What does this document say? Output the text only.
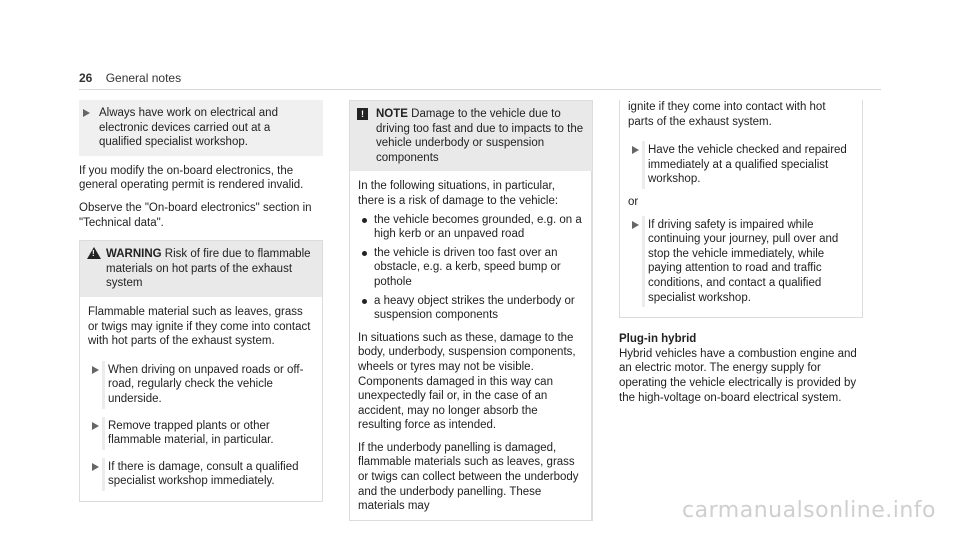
26 General notes
Always have work on electrical and electronic devices carried out at a qualified specialist workshop.

If you modify the on-board electronics, the general operating permit is rendered invalid.

Observe the "On-board electronics" section in "Technical data".

! WARNING Risk of fire due to flammable materials on hot parts of the exhaust system

Flammable material such as leaves, grass or twigs may ignite if they come into contact with hot parts of the exhaust system.

When driving on unpaved roads or off-road, regularly check the vehicle underside.
Remove trapped plants or other flammable material, in particular.
If there is damage, consult a qualified specialist workshop immediately.
!	NOTE Damage to the vehicle due to driving too fast and due to impacts to the vehicle underbody or suspension components

In the following situations, in particular, there is a risk of damage to the vehicle:

the vehicle becomes grounded, e.g. on a high kerb or an unpaved road
the vehicle is driven too fast over an obstacle, e.g. a kerb, speed bump or pothole
a heavy object strikes the underbody or suspension components

In situations such as these, damage to the body, underbody, suspension components, wheels or tyres may not be visible. Components damaged in this way can unexpectedly fail or, in the case of an accident, may no longer absorb the resulting force as intended.

If the underbody panelling is damaged, flammable materials such as leaves, grass or twigs can collect between the underbody and the underbody panelling. These materials may

ignite if they come into contact with hot parts of the exhaust system.

Have the vehicle checked and repaired immediately at a qualified specialist workshop.
or
If driving safety is impaired while continuing your journey, pull over and stop the vehicle immediately, while paying attention to road and traffic conditions, and contact a qualified specialist workshop.
Plug-in hybrid

Hybrid vehicles have a combustion engine and an electric motor. The energy supply for operating the vehicle electrically is provided by the high-voltage on-board electrical system.

carmanualsonline.info
